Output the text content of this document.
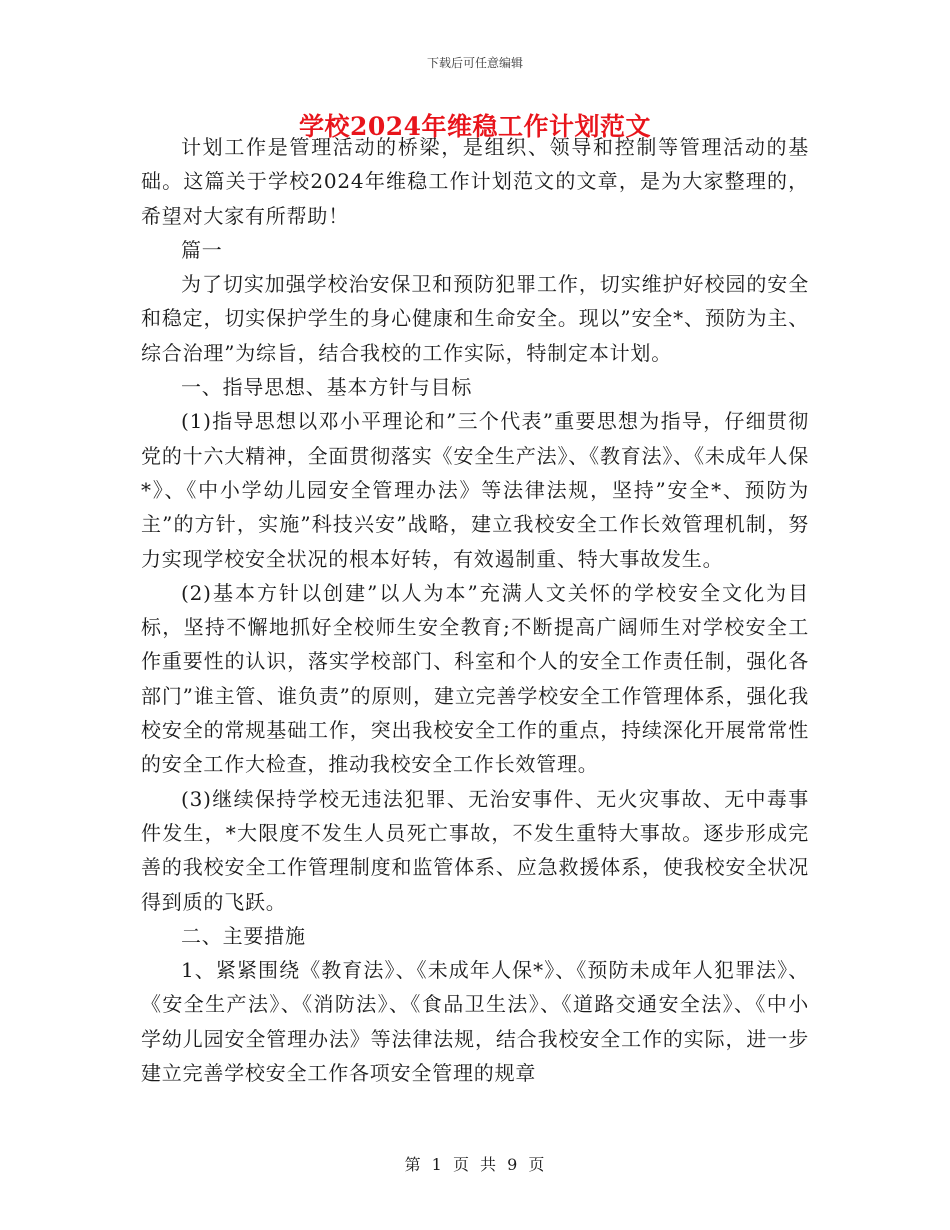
下载后可任意编辑
学校2024年维稳工作计划范文

计划工作是管理活动的桥梁，是组织、领导和控制等管理活动的基础。这篇关于学校2024年维稳工作计划范文的文章，是为大家整理的，希望对大家有所帮助！

篇一

为了切实加强学校治安保卫和预防犯罪工作，切实维护好校园的安全和稳定，切实保护学生的身心健康和生命安全。现以”安全*、预防为主、综合治理”为综旨，结合我校的工作实际，特制定本计划。

一、指导思想、基本方针与目标

(1)指导思想以邓小平理论和”三个代表”重要思想为指导，仔细贯彻党的十六大精神，全面贯彻落实《安全生产法》、《教育法》、《未成年人保*》、《中小学幼儿园安全管理办法》等法律法规，坚持”安全*、预防为主”的方针，实施”科技兴安”战略，建立我校安全工作长效管理机制，努力实现学校安全状况的根本好转，有效遏制重、特大事故发生。

(2)基本方针以创建”以人为本”充满人文关怀的学校安全文化为目标，坚持不懈地抓好全校师生安全教育;不断提高广阔师生对学校安全工作重要性的认识，落实学校部门、科室和个人的安全工作责任制，强化各部门”谁主管、谁负责”的原则，建立完善学校安全工作管理体系，强化我校安全的常规基础工作，突出我校安全工作的重点，持续深化开展常常性的安全工作大检查，推动我校安全工作长效管理。

(3)继续保持学校无违法犯罪、无治安事件、无火灾事故、无中毒事件发生，*大限度不发生人员死亡事故，不发生重特大事故。逐步形成完善的我校安全工作管理制度和监管体系、应急救援体系，使我校安全状况得到质的飞跃。

二、主要措施

1、紧紧围绕《教育法》、《未成年人保*》、《预防未成年人犯罪法》、《安全生产法》、《消防法》、《食品卫生法》、《道路交通安全法》、《中小学幼儿园安全管理办法》等法律法规，结合我校安全工作的实际，进一步建立完善学校安全工作各项安全管理的规章

第 1 页 共 9 页
